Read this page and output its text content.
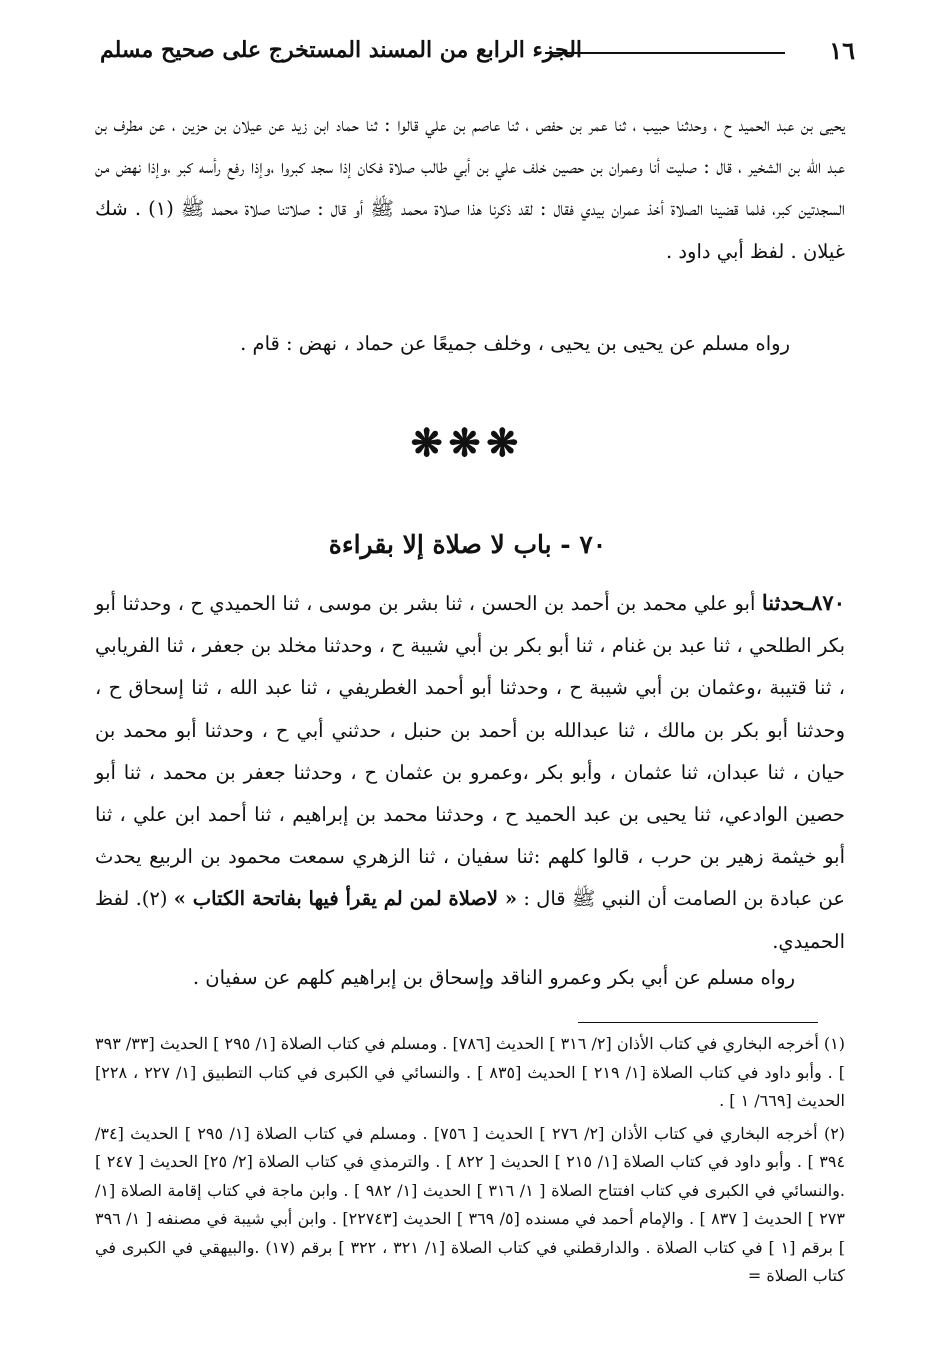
١٦
الجزء الرابع من المسند المستخرج على صحيح مسلم
يحيى بن عبد الحميد ح ، وحدثنا حبيب ، ثنا عمر بن حفص ، ثنا عاصم بن علي قالوا : ثنا حماد ابن زيد عن عيلان بن حزين ، عن مطرف بن عبد الله بن الشخير ، قال : صليت أنا وعمران بن حصين خلف علي بن أبي طالب صلاة فكان إذا سجد كبروا ،وإذا رفع رأسه كبر ،وإذا نهض من السجدتين كبر، فلما قضينا الصلاة أخذ عمران بيدي فقال : لقد ذكرنا هذا صلاة محمد ﷺ أو قال : صلاتنا صلاة محمد ﷺ (١) . شك غيلان . لفظ أبي داود .
رواه مسلم عن يحيى بن يحيى ، وخلف جميعًا عن حماد ، نهض : قام .
❋❋❋
٧٠ - باب لا صلاة إلا بقراءة
٨٧٠ـحدثنا أبو علي محمد بن أحمد بن الحسن ، ثنا بشر بن موسى ، ثنا الحميدي ح ، وحدثنا أبو بكر الطلحي ، ثنا عبد بن غنام ، ثنا أبو بكر بن أبي شيبة ح ، وحدثنا مخلد بن جعفر ، ثنا الفريابي ، ثنا قتيبة ،وعثمان بن أبي شيبة ح ، وحدثنا أبو أحمد الغطريفي ، ثنا عبد الله ، ثنا إسحاق ح ، وحدثنا أبو بكر بن مالك ، ثنا عبدالله بن أحمد بن حنبل ، حدثني أبي ح ، وحدثنا أبو محمد بن حيان ، ثنا عبدان، ثنا عثمان ، وأبو بكر ،وعمرو بن عثمان ح ، وحدثنا جعفر بن محمد ، ثنا أبو حصين الوادعي، ثنا يحيى بن عبد الحميد ح ، وحدثنا محمد بن إبراهيم ، ثنا أحمد ابن علي ، ثنا أبو خيثمة زهير بن حرب ، قالوا كلهم :ثنا سفيان ، ثنا الزهري سمعت محمود بن الربيع يحدث عن عبادة بن الصامت أن النبي ﷺ قال : « لاصلاة لمن لم يقرأ فيها بفاتحة الكتاب » (٢). لفظ الحميدي.
رواه مسلم عن أبي بكر وعمرو الناقد وإسحاق بن إبراهيم كلهم عن سفيان .

(١) أخرجه البخاري في كتاب الأذان [٢/ ٣١٦ ] الحديث [٧٨٦] . ومسلم في كتاب الصلاة [١/ ٢٩٥ ] الحديث [٣٣/ ٣٩٣ ] . وأبو داود في كتاب الصلاة [١/ ٢١٩ ] الحديث [٨٣٥ ] . والنسائي في الكبرى في كتاب التطبيق [١/ ٢٢٧ ، ٢٢٨] الحديث [٦٦٩/ ١ ] .

(٢) أخرجه البخاري في كتاب الأذان [٢/ ٢٧٦ ] الحديث [ ٧٥٦] . ومسلم في كتاب الصلاة [١/ ٢٩٥ ] الحديث [٣٤/ ٣٩٤ ] . وأبو داود في كتاب الصلاة [١/ ٢١٥ ] الحديث [ ٨٢٢ ] . والترمذي في كتاب الصلاة [٢/ ٢٥] الحديث [ ٢٤٧ ] .والنسائي في الكبرى في كتاب افتتاح الصلاة [ ١/ ٣١٦ ] الحديث [١/ ٩٨٢ ] . وابن ماجة في كتاب إقامة الصلاة [١/ ٢٧٣ ] الحديث [ ٨٣٧ ] . والإمام أحمد في مسنده [٥/ ٣٦٩ ] الحديث [٢٢٧٤٣] . وابن أبي شيبة في مصنفه [ ١/ ٣٩٦ ] برقم [١ ] في كتاب الصلاة . والدارقطني في كتاب الصلاة [١/ ٣٢١ ، ٣٢٢ ] برقم (١٧) .والبيهقي في الكبرى في كتاب الصلاة =
